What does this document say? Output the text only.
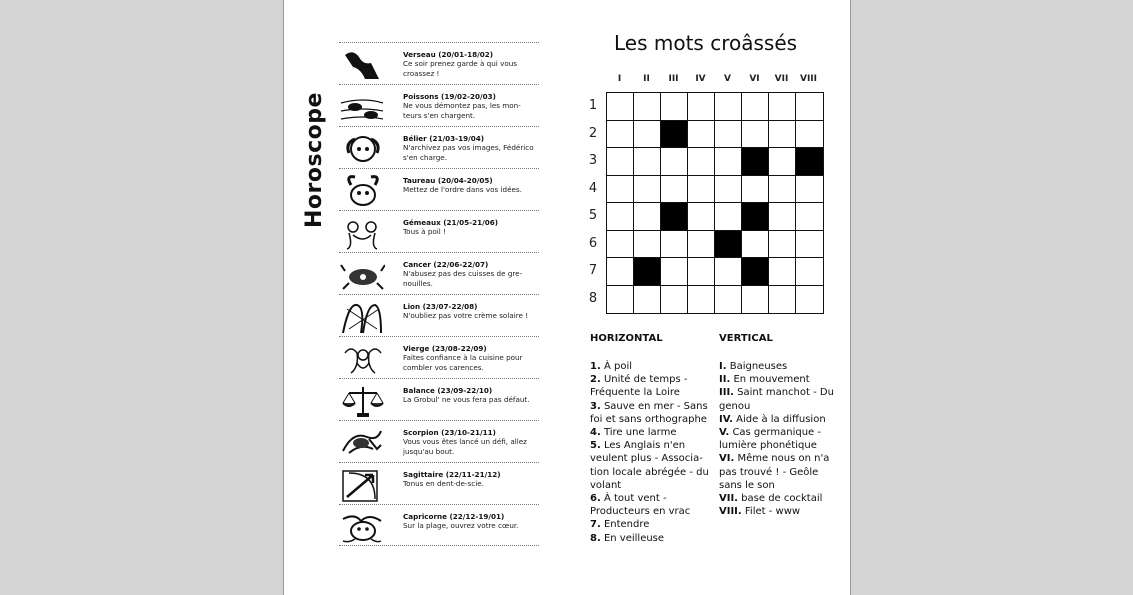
Horoscope
Verseau (20/01-18/02)
Ce soir prenez garde à qui vous croassez !
Poissons (19/02-20/03)
Ne vous démontez pas, les mon-teurs s'en chargent.
Bélier (21/03-19/04)
N'archivez pas vos images, Fédérico s'en charge.
Taureau (20/04-20/05)
Mettez de l'ordre dans vos idées.
Gémeaux (21/05-21/06)
Tous à poil !
Cancer (22/06-22/07)
N'abusez pas des cuisses de gre-nouilles.
Lion (23/07-22/08)
N'oubliez pas votre crème solaire !
Vierge (23/08-22/09)
Faites confiance à la cuisine pour combler vos carences.
Balance (23/09-22/10)
La Grobul' ne vous fera pas défaut.
Scorpion (23/10-21/11)
Vous vous êtes lancé un défi, allez jusqu'au bout.
Sagittaire (22/11-21/12)
Tonus en dent-de-scie.
Capricorne (22/12-19/01)
Sur la plage, ouvrez votre cœur.
Les mots croâssés
I	II	III	IV	V	VI	VII	VIII
1
2
3
4
5
6
7
8
HORIZONTAL
1. À poil
2. Unité de temps - Fréquente la Loire
3. Sauve en mer - Sans foi et sans orthographe
4. Tire une larme
5. Les Anglais n'en veulent plus - Associa-tion locale abrégée - du volant
6. À tout vent - Producteurs en vrac
7. Entendre
8. En veilleuse
VERTICAL
I. Baigneuses
II. En mouvement
III. Saint manchot - Du genou
IV. Aide à la diffusion
V. Cas germanique - lumière phonétique
VI. Même nous on n'a pas trouvé ! - Geôle sans le son
VII. base de cocktail
VIII. Filet - www
